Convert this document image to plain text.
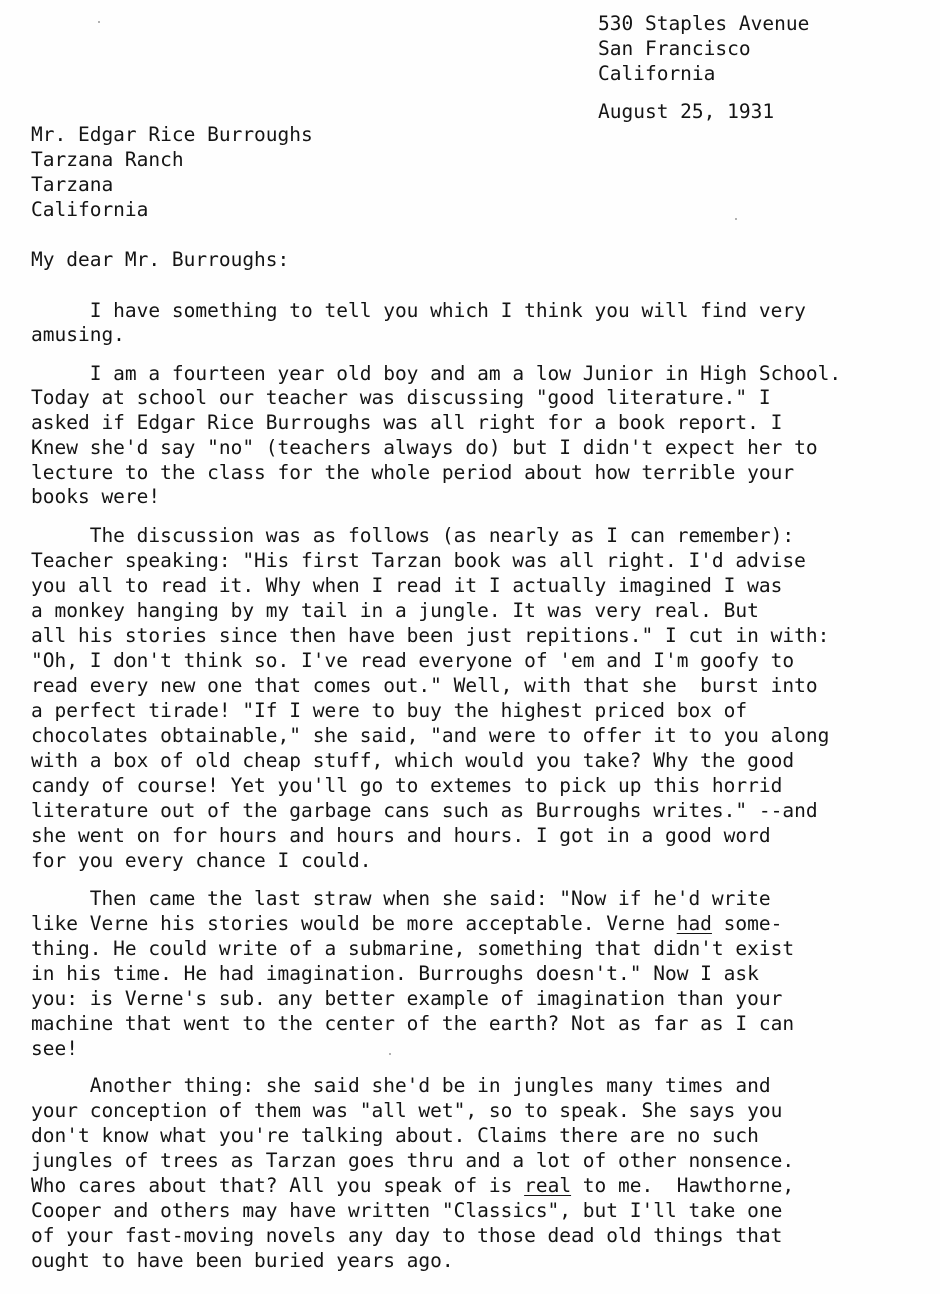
530 Staples Avenue
San Francisco
California
August 25, 1931
Mr. Edgar Rice Burroughs
Tarzana Ranch
Tarzana
California
My dear Mr. Burroughs:
I have something to tell you which I think you will find very
amusing.
I am a fourteen year old boy and am a low Junior in High School.
Today at school our teacher was discussing "good literature." I
asked if Edgar Rice Burroughs was all right for a book report. I
Knew she'd say "no" (teachers always do) but I didn't expect her to
lecture to the class for the whole period about how terrible your
books were!
The discussion was as follows (as nearly as I can remember):
Teacher speaking: "His first Tarzan book was all right. I'd advise
you all to read it. Why when I read it I actually imagined I was
a monkey hanging by my tail in a jungle. It was very real. But
all his stories since then have been just repitions." I cut in with:
"Oh, I don't think so. I've read everyone of 'em and I'm goofy to
read every new one that comes out." Well, with that she  burst into
a perfect tirade! "If I were to buy the highest priced box of
chocolates obtainable," she said, "and were to offer it to you along
with a box of old cheap stuff, which would you take? Why the good
candy of course! Yet you'll go to extemes to pick up this horrid
literature out of the garbage cans such as Burroughs writes." --and
she went on for hours and hours and hours. I got in a good word
for you every chance I could.
Then came the last straw when she said: "Now if he'd write
like Verne his stories would be more acceptable. Verne had some-
thing. He could write of a submarine, something that didn't exist
in his time. He had imagination. Burroughs doesn't." Now I ask
you: is Verne's sub. any better example of imagination than your
machine that went to the center of the earth? Not as far as I can
see!
Another thing: she said she'd be in jungles many times and
your conception of them was "all wet", so to speak. She says you
don't know what you're talking about. Claims there are no such
jungles of trees as Tarzan goes thru and a lot of other nonsence.
Who cares about that? All you speak of is real to me.  Hawthorne,
Cooper and others may have written "Classics", but I'll take one
of your fast-moving novels any day to those dead old things that
ought to have been buried years ago.
